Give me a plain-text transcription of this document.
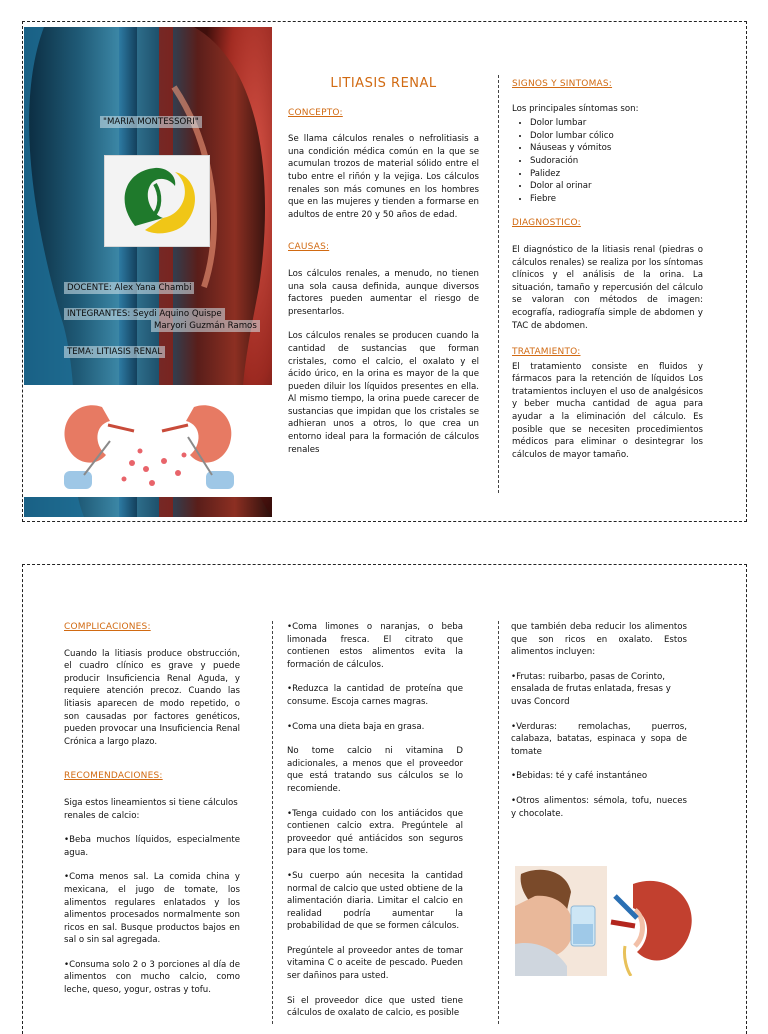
"MARIA MONTESSORI"
DOCENTE: Alex Yana Chambi
INTEGRANTES: Seydi Aquino Quispe
Maryori Guzmán Ramos
TEMA: LITIASIS RENAL
LITIASIS RENAL
CONCEPTO:

Se llama cálculos renales o nefrolitiasis a una condición médica común en la que se acumulan trozos de material sólido entre el tubo entre el riñón y la vejiga. Los cálculos renales son más comunes en los hombres que en las mujeres y tienden a formarse en adultos de entre 20 y 50 años de edad.

CAUSAS:

Los cálculos renales, a menudo, no tienen una sola causa definida, aunque diversos factores pueden aumentar el riesgo de presentarlos.

Los cálculos renales se producen cuando la cantidad de sustancias que forman cristales, como el calcio, el oxalato y el ácido úrico, en la orina es mayor de la que pueden diluir los líquidos presentes en ella. Al mismo tiempo, la orina puede carecer de sustancias que impidan que los cristales se adhieran unos a otros, lo que crea un entorno ideal para la formación de cálculos renales

SIGNOS Y SINTOMAS:
Los principales síntomas son:
• Dolor lumbar
• Dolor lumbar cólico
• Náuseas y vómitos
• Sudoración
• Palidez
• Dolor al orinar
• Fiebre
DIAGNOSTICO:

El diagnóstico de la litiasis renal (piedras o cálculos renales) se realiza por los síntomas clínicos y el análisis de la orina. La situación, tamaño y repercusión del cálculo se valoran con métodos de imagen: ecografía, radiografía simple de abdomen y TAC de abdomen.

TRATAMIENTO:

El tratamiento consiste en fluidos y fármacos para la retención de líquidos Los tratamientos incluyen el uso de analgésicos y beber mucha cantidad de agua para ayudar a la eliminación del cálculo. Es posible que se necesiten procedimientos médicos para eliminar o desintegrar los cálculos de mayor tamaño.

COMPLICACIONES:

Cuando la litiasis produce obstrucción, el cuadro clínico es grave y puede producir Insuficiencia Renal Aguda, y requiere atención precoz. Cuando las litiasis aparecen de modo repetido, o son causadas por factores genéticos, pueden provocar una Insuficiencia Renal Crónica a largo plazo.

RECOMENDACIONES:

Siga estos lineamientos si tiene cálculos renales de calcio:

•Beba muchos líquidos, especialmente agua.

•Coma menos sal. La comida china y mexicana, el jugo de tomate, los alimentos regulares enlatados y los alimentos procesados normalmente son ricos en sal. Busque productos bajos en sal o sin sal agregada.

•Consuma solo 2 o 3 porciones al día de alimentos con mucho calcio, como leche, queso, yogur, ostras y tofu.

•Coma limones o naranjas, o beba limonada fresca. El citrato que contienen estos alimentos evita la formación de cálculos.

•Reduzca la cantidad de proteína que consume. Escoja carnes magras.

•Coma una dieta baja en grasa.

No tome calcio ni vitamina D adicionales, a menos que el proveedor que está tratando sus cálculos se lo recomiende.

•Tenga cuidado con los antiácidos que contienen calcio extra. Pregúntele al proveedor qué antiácidos son seguros para que los tome.

•Su cuerpo aún necesita la cantidad normal de calcio que usted obtiene de la alimentación diaria. Limitar el calcio en realidad podría aumentar la probabilidad de que se formen cálculos.

Pregúntele al proveedor antes de tomar vitamina C o aceite de pescado. Pueden ser dañinos para usted.

Si el proveedor dice que usted tiene cálculos de oxalato de calcio, es posible

que también deba reducir los alimentos que son ricos en oxalato. Estos alimentos incluyen:

•Frutas: ruibarbo, pasas de Corinto, ensalada de frutas enlatada, fresas y uvas Concord

•Verduras: remolachas, puerros, calabaza, batatas, espinaca y sopa de tomate

•Bebidas: té y café instantáneo

•Otros alimentos: sémola, tofu, nueces y chocolate.
